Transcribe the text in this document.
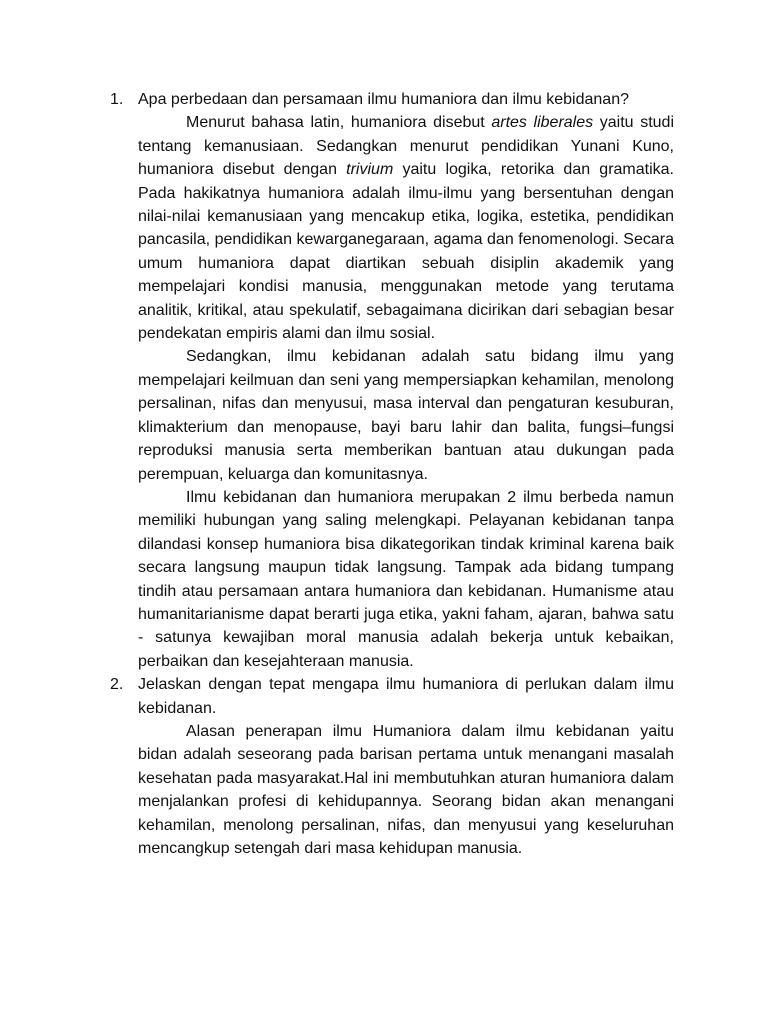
1. Apa perbedaan dan persamaan ilmu humaniora dan ilmu kebidanan?

Menurut bahasa latin, humaniora disebut artes liberales yaitu studi tentang kemanusiaan. Sedangkan menurut pendidikan Yunani Kuno, humaniora disebut dengan trivium yaitu logika, retorika dan gramatika. Pada hakikatnya humaniora adalah ilmu-ilmu yang bersentuhan dengan nilai-nilai kemanusiaan yang mencakup etika, logika, estetika, pendidikan pancasila, pendidikan kewarganegaraan, agama dan fenomenologi. Secara umum humaniora dapat diartikan sebuah disiplin akademik yang mempelajari kondisi manusia, menggunakan metode yang terutama analitik, kritikal, atau spekulatif, sebagaimana dicirikan dari sebagian besar pendekatan empiris alami dan ilmu sosial.

Sedangkan, ilmu kebidanan adalah satu bidang ilmu yang mempelajari keilmuan dan seni yang mempersiapkan kehamilan, menolong persalinan, nifas dan menyusui, masa interval dan pengaturan kesuburan, klimakterium dan menopause, bayi baru lahir dan balita, fungsi–fungsi reproduksi manusia serta memberikan bantuan atau dukungan pada perempuan, keluarga dan komunitasnya.

Ilmu kebidanan dan humaniora merupakan 2 ilmu berbeda namun memiliki hubungan yang saling melengkapi. Pelayanan kebidanan tanpa dilandasi konsep humaniora bisa dikategorikan tindak kriminal karena baik secara langsung maupun tidak langsung. Tampak ada bidang tumpang tindih atau persamaan antara humaniora dan kebidanan. Humanisme atau humanitarianisme dapat berarti juga etika, yakni faham, ajaran, bahwa satu - satunya kewajiban moral manusia adalah bekerja untuk kebaikan, perbaikan dan kesejahteraan manusia.

2. Jelaskan dengan tepat mengapa ilmu humaniora di perlukan dalam ilmu kebidanan.

Alasan penerapan ilmu Humaniora dalam ilmu kebidanan yaitu bidan adalah seseorang pada barisan pertama untuk menangani masalah kesehatan pada masyarakat.Hal ini membutuhkan aturan humaniora dalam menjalankan profesi di kehidupannya. Seorang bidan akan menangani kehamilan, menolong persalinan, nifas, dan menyusui yang keseluruhan mencangkup setengah dari masa kehidupan manusia.
